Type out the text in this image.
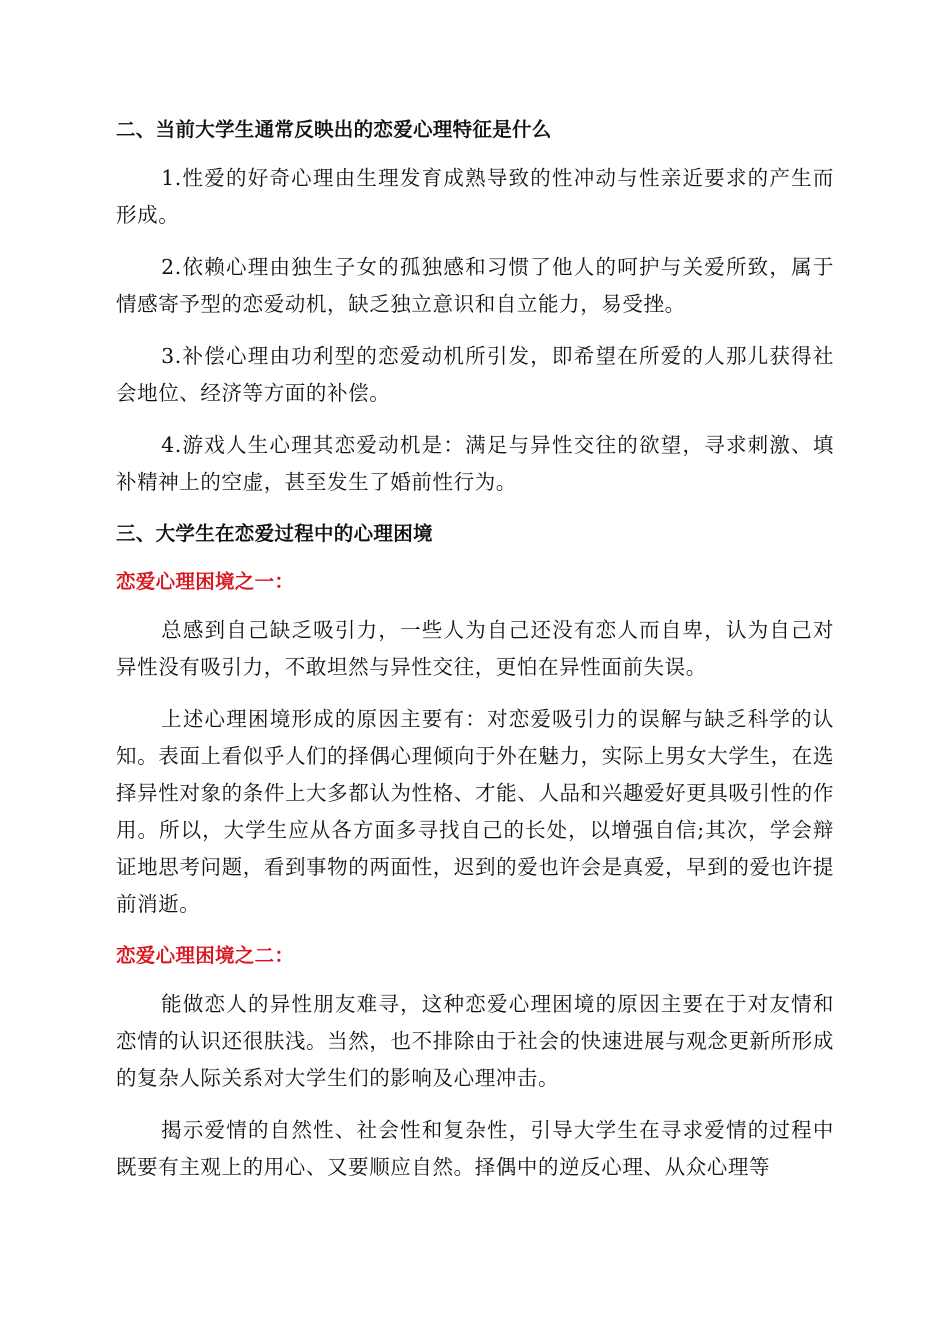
二、当前大学生通常反映出的恋爱心理特征是什么

1.性爱的好奇心理由生理发育成熟导致的性冲动与性亲近要求的产生而形成。

2.依赖心理由独生子女的孤独感和习惯了他人的呵护与关爱所致，属于情感寄予型的恋爱动机，缺乏独立意识和自立能力，易受挫。

3.补偿心理由功利型的恋爱动机所引发，即希望在所爱的人那儿获得社会地位、经济等方面的补偿。

4.游戏人生心理其恋爱动机是：满足与异性交往的欲望，寻求刺激、填补精神上的空虚，甚至发生了婚前性行为。

三、大学生在恋爱过程中的心理困境
恋爱心理困境之一：

总感到自己缺乏吸引力，一些人为自己还没有恋人而自卑，认为自己对异性没有吸引力，不敢坦然与异性交往，更怕在异性面前失误。

上述心理困境形成的原因主要有：对恋爱吸引力的误解与缺乏科学的认知。表面上看似乎人们的择偶心理倾向于外在魅力，实际上男女大学生，在选择异性对象的条件上大多都认为性格、才能、人品和兴趣爱好更具吸引性的作用。所以，大学生应从各方面多寻找自己的长处，以增强自信;其次，学会辩证地思考问题，看到事物的两面性，迟到的爱也许会是真爱，早到的爱也许提前消逝。

恋爱心理困境之二：

能做恋人的异性朋友难寻，这种恋爱心理困境的原因主要在于对友情和恋情的认识还很肤浅。当然，也不排除由于社会的快速进展与观念更新所形成的复杂人际关系对大学生们的影响及心理冲击。

揭示爱情的自然性、社会性和复杂性，引导大学生在寻求爱情的过程中既要有主观上的用心、又要顺应自然。择偶中的逆反心理、从众心理等
